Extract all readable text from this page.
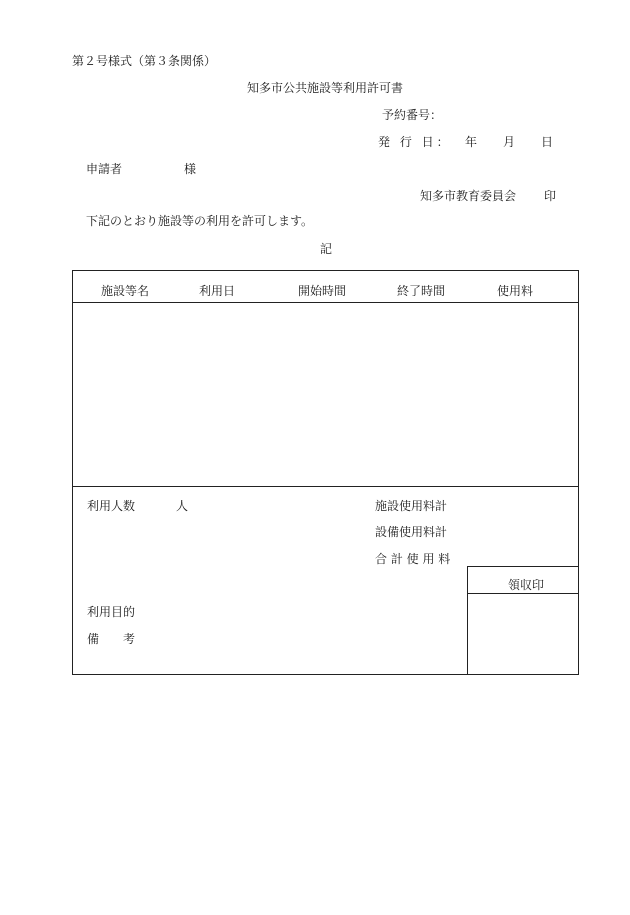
第２号様式（第３条関係）
知多市公共施設等利用許可書
予約番号：
発 行 日： 年 月 日
申請者	様
知多市教育委員会 印
下記のとおり施設等の利用を許可します。
記
施設等名	利用日	開始時間	終了時間	使用料
利用人数	人	施設使用料計
設備使用料計
合 計 使 用 料
領収印
利用目的
備　　考
